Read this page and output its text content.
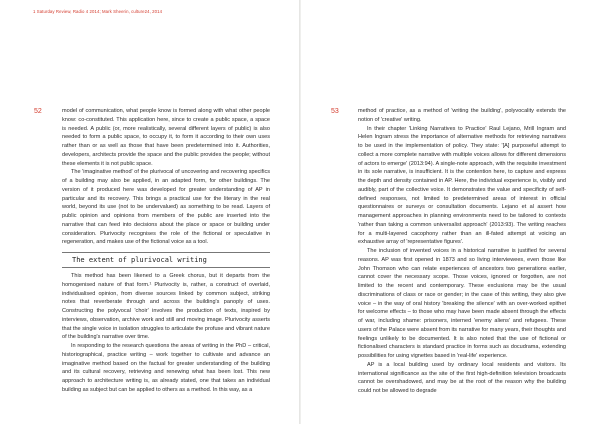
1 Saturday Review, Radio 4 2014; Mark Sheerin, culture24, 2014
52	model of communication, what people know is formed along with what other people know: co-constituted. This application here, since to create a public space, a space is needed. A public (or, more realistically, several different layers of public) is also needed to form a public space, to occupy it, to form it according to their own uses rather than or as well as those that have been predetermined into it. Authorities, developers, architects provide the space and the public provides the people; without these elements it is not public space.

The 'imaginative method' of the plurivocal of uncovering and recovering specifics of a building may also be applied, in an adapted form, for other buildings. The version of it produced here was developed for greater understanding of AP in particular and its recovery. This brings a practical use for the literary in the real world, beyond its use (not to be undervalued) as something to be read. Layers of public opinion and opinions from members of the public are inserted into the narrative that can feed into decisions about the place or space or building under consideration. Plurivocity recognises the role of the fictional or speculative in regeneration, and makes use of the fictional voice as a tool.

The extent of plurivocal writing

This method has been likened to a Greek chorus, but it departs from the homogenised nature of that form.¹ Plurivocity is, rather, a construct of overlaid, individualised opinion, from diverse sources linked by common subject, striking notes that reverberate through and across the building's panoply of uses. Constructing the polyvocal 'choir' involves the production of texts, inspired by interviews, observation, archive work and still and moving image. Plurivocity asserts that the single voice in isolation struggles to articulate the profuse and vibrant nature of the building's narrative over time.

In responding to the research questions the areas of writing in the PhD – critical, historiographical, practice writing – work together to cultivate and advance an imaginative method based on the factual for greater understanding of the building and its cultural recovery, retrieving and renewing what has been lost. This new approach to architecture writing is, as already stated, one that takes an individual building as subject but can be applied to others as a method. In this way, as a

53	method of practice, as a method of 'writing the building', polyvocality extends the notion of 'creative' writing.

In their chapter 'Linking Narratives to Practice' Raul Lejano, Mrill Ingram and Helen Ingram stress the importance of alternative methods for retrieving narratives to be used in the implementation of policy. They state: '[A] purposeful attempt to collect a more complete narrative with multiple voices allows for different dimensions of actors to emerge' (2013:94). A single-note approach, with the requisite investment in its sole narrative, is insufficient. It is the contention here, to capture and express the depth and density contained in AP. Here, the individual experience is, visibly and audibly, part of the collective voice. It demonstrates the value and specificity of self-defined responses, not limited to predetermined areas of interest in official questionnaires or surveys or consultation documents. Lejano et al assert how management approaches in planning environments need to be tailored to contexts 'rather than taking a common universalist approach' (2013:93). The writing reaches for a multi-layered cacophony rather than an ill-fated attempt at voicing an exhaustive array of 'representative figures'.

The inclusion of invented voices in a historical narrative is justified for several reasons. AP was first opened in 1873 and so living interviewees, even those like John Thomson who can relate experiences of ancestors two generations earlier, cannot cover the necessary scope. Those voices, ignored or forgotten, are not limited to the recent and contemporary. These exclusions may be the usual discriminations of class or race or gender; in the case of this writing, they also give voice – in the way of oral history 'breaking the silence' with an over-worked epithet for welcome effects – to those who may have been made absent through the effects of war, including shame: prisoners, interned 'enemy aliens' and refugees. These users of the Palace were absent from its narrative for many years, their thoughts and feelings unlikely to be documented. It is also noted that the use of fictional or fictionalised characters is standard practice in forms such as docudrama, extending possibilities for using vignettes based in 'real-life' experience.

AP is a local building used by ordinary local residents and visitors. Its international significance as the site of the first high-definition television broadcasts cannot be overshadowed, and may be at the root of the reason why the building could not be allowed to degrade
